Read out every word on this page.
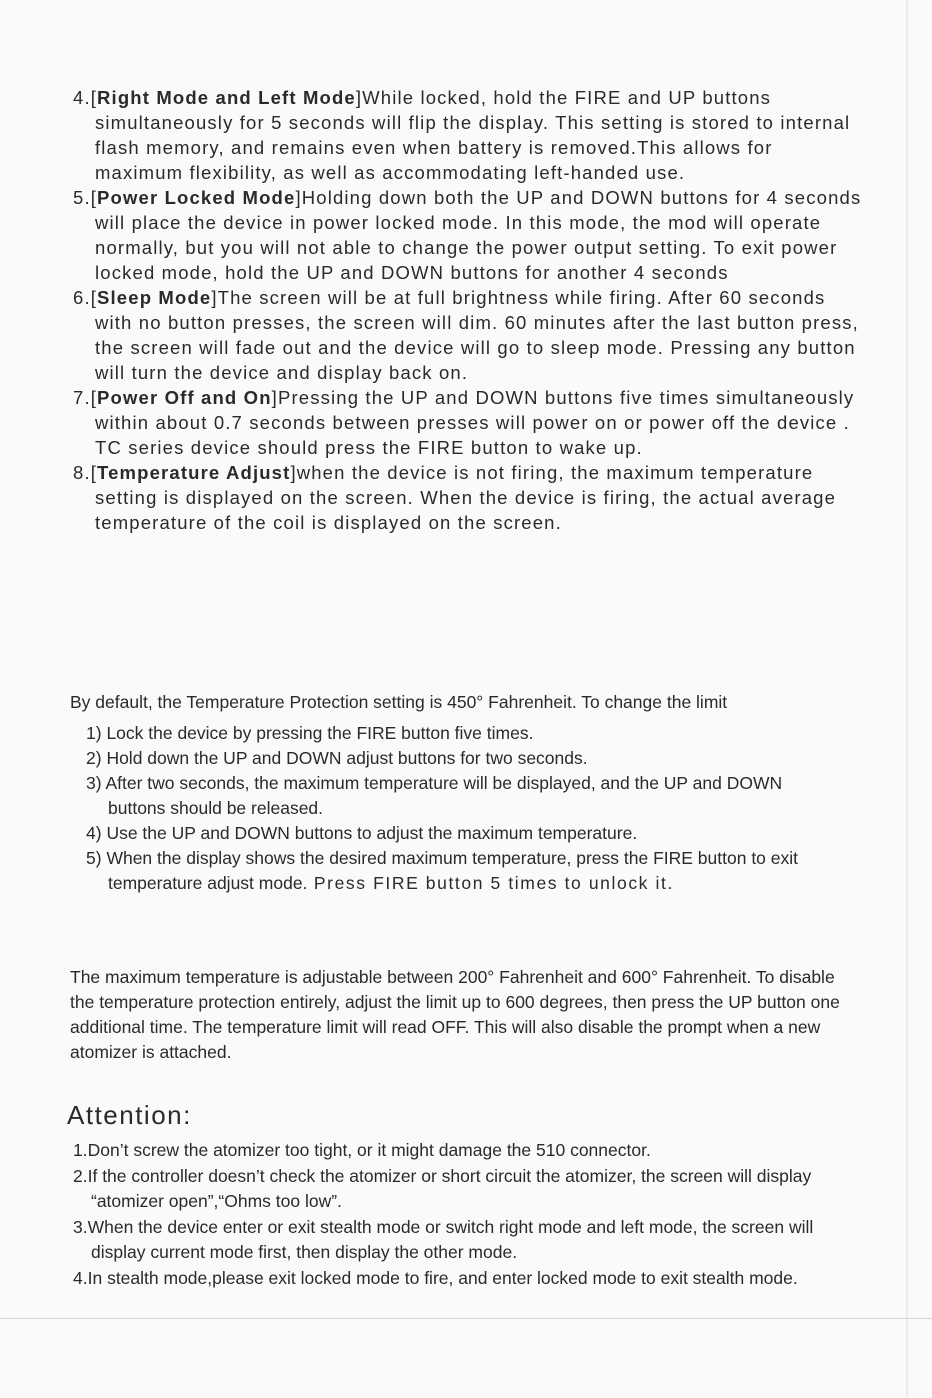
4.[Right Mode and Left Mode]While locked, hold the FIRE and UP buttons simultaneously for 5 seconds will flip the display. This setting is stored to internal flash memory, and remains even when battery is removed.This allows for maximum flexibility, as well as accommodating left-handed use.
5.[Power Locked Mode]Holding down both the UP and DOWN buttons for 4 seconds will place the device in power locked mode. In this mode, the mod will operate normally, but you will not able to change the power output setting. To exit power locked mode, hold the UP and DOWN buttons for another 4 seconds
6.[Sleep Mode]The screen will be at full brightness while firing. After 60 seconds with no button presses, the screen will dim. 60 minutes after the last button press, the screen will fade out and the device will go to sleep mode. Pressing any button will turn the device and display back on.
7.[Power Off and On]Pressing the UP and DOWN buttons five times simultaneously within about 0.7 seconds between presses will power on or power off the device . TC series device should press the FIRE button to wake up.
8.[Temperature Adjust]when the device is not firing, the maximum temperature setting is displayed on the screen. When the device is firing, the actual average temperature of the coil is displayed on the screen.

By default, the Temperature Protection setting is 450° Fahrenheit. To change the limit

1) Lock the device by pressing the FIRE button five times.
2) Hold down the UP and DOWN adjust buttons for two seconds.
3) After two seconds, the maximum temperature will be displayed, and the UP and DOWN buttons should be released.
4) Use the UP and DOWN buttons to adjust the maximum temperature.
5) When the display shows the desired maximum temperature, press the FIRE button to exit temperature adjust mode. Press FIRE button 5 times to unlock it.

The maximum temperature is adjustable between 200° Fahrenheit and 600° Fahrenheit. To disable the temperature protection entirely, adjust the limit up to 600 degrees, then press the UP button one additional time. The temperature limit will read OFF. This will also disable the prompt when a new atomizer is attached.

Attention:
1.Don’t screw the atomizer too tight, or it might damage the 510 connector.
2.If the controller doesn’t check the atomizer or short circuit the atomizer, the screen will display “atomizer open”,“Ohms too low”.
3.When the device enter or exit stealth mode or switch right mode and left mode, the screen will display current mode first, then display the other mode.
4.In stealth mode,please exit locked mode to fire, and enter locked mode to exit stealth mode.
